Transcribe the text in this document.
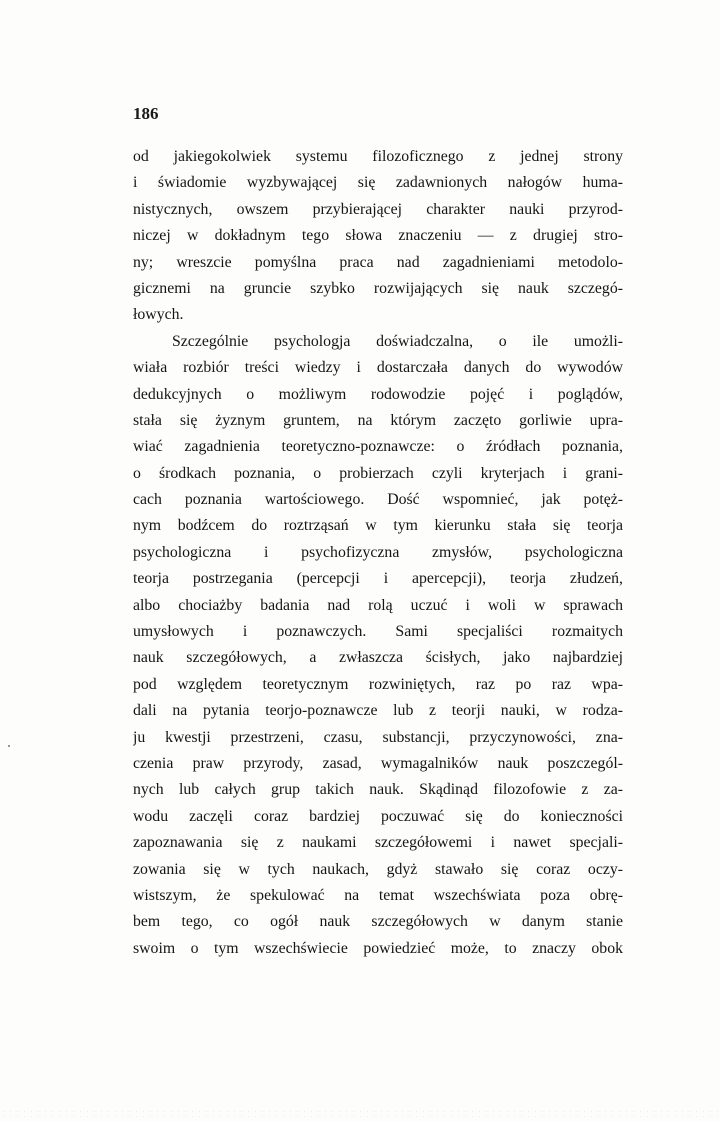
186

od jakiegokolwiek systemu filozoficznego z jednej strony
i świadomie wyzbywającej się zadawnionych nałogów huma-
nistycznych, owszem przybierającej charakter nauki przyrod-
niczej w dokładnym tego słowa znaczeniu — z drugiej stro-
ny; wreszcie pomyślna praca nad zagadnieniami metodolo-
gicznemi na gruncie szybko rozwijających się nauk szczegó-
łowych.
Szczególnie psychologja doświadczalna, o ile umożli-
wiała rozbiór treści wiedzy i dostarczała danych do wywodów
dedukcyjnych o możliwym rodowodzie pojęć i poglądów,
stała się żyznym gruntem, na którym zaczęto gorliwie upra-
wiać zagadnienia teoretyczno-poznawcze: o źródłach poznania,
o środkach poznania, o probierzach czyli kryterjach i grani-
cach poznania wartościowego. Dość wspomnieć, jak potęż-
nym bodźcem do roztrząsań w tym kierunku stała się teorja
psychologiczna i psychofizyczna zmysłów, psychologiczna
teorja postrzegania (percepcji i apercepcji), teorja złudzeń,
albo chociażby badania nad rolą uczuć i woli w sprawach
umysłowych i poznawczych. Sami specjaliści rozmaitych
nauk szczegółowych, a zwłaszcza ścisłych, jako najbardziej
pod względem teoretycznym rozwiniętych, raz po raz wpa-
dali na pytania teorjo-poznawcze lub z teorji nauki, w rodza-
ju kwestji przestrzeni, czasu, substancji, przyczynowości, zna-
czenia praw przyrody, zasad, wymagalników nauk poszczegól-
nych lub całych grup takich nauk. Skądinąd filozofowie z za-
wodu zaczęli coraz bardziej poczuwać się do konieczności
zapoznawania się z naukami szczegółowemi i nawet specjali-
zowania się w tych naukach, gdyż stawało się coraz oczy-
wistszym, że spekulować na temat wszechświata poza obrę-
bem tego, co ogół nauk szczegółowych w danym stanie
swoim o tym wszechświecie powiedzieć może, to znaczy obok
